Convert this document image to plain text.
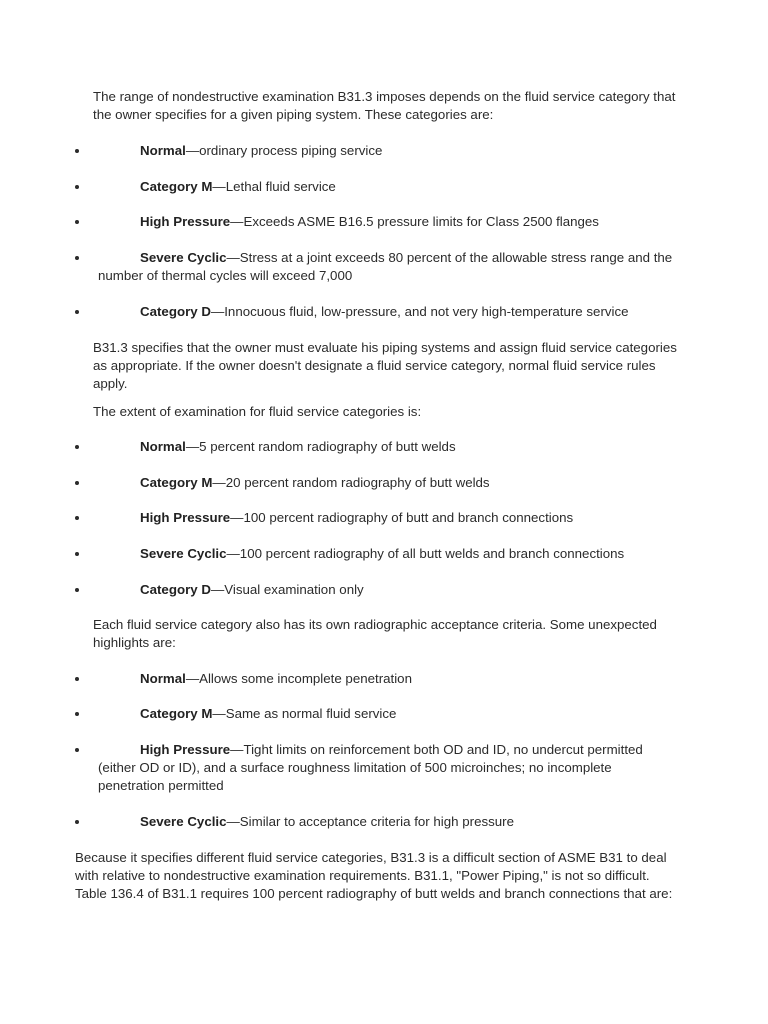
The range of nondestructive examination B31.3 imposes depends on the fluid service category that the owner specifies for a given piping system. These categories are:

Normal—ordinary process piping service
Category M—Lethal fluid service
High Pressure—Exceeds ASME B16.5 pressure limits for Class 2500 flanges
Severe Cyclic—Stress at a joint exceeds 80 percent of the allowable stress range and the number of thermal cycles will exceed 7,000
Category D—Innocuous fluid, low-pressure, and not very high-temperature service

B31.3 specifies that the owner must evaluate his piping systems and assign fluid service categories as appropriate. If the owner doesn't designate a fluid service category, normal fluid service rules apply.

The extent of examination for fluid service categories is:

Normal—5 percent random radiography of butt welds
Category M—20 percent random radiography of butt welds
High Pressure—100 percent radiography of butt and branch connections
Severe Cyclic—100 percent radiography of all butt welds and branch connections
Category D—Visual examination only

Each fluid service category also has its own radiographic acceptance criteria. Some unexpected highlights are:

Normal—Allows some incomplete penetration
Category M—Same as normal fluid service
High Pressure—Tight limits on reinforcement both OD and ID, no undercut permitted (either OD or ID), and a surface roughness limitation of 500 microinches; no incomplete penetration permitted
Severe Cyclic—Similar to acceptance criteria for high pressure

Because it specifies different fluid service categories, B31.3 is a difficult section of ASME B31 to deal with relative to nondestructive examination requirements. B31.1, "Power Piping," is not so difficult. Table 136.4 of B31.1 requires 100 percent radiography of butt welds and branch connections that are:
